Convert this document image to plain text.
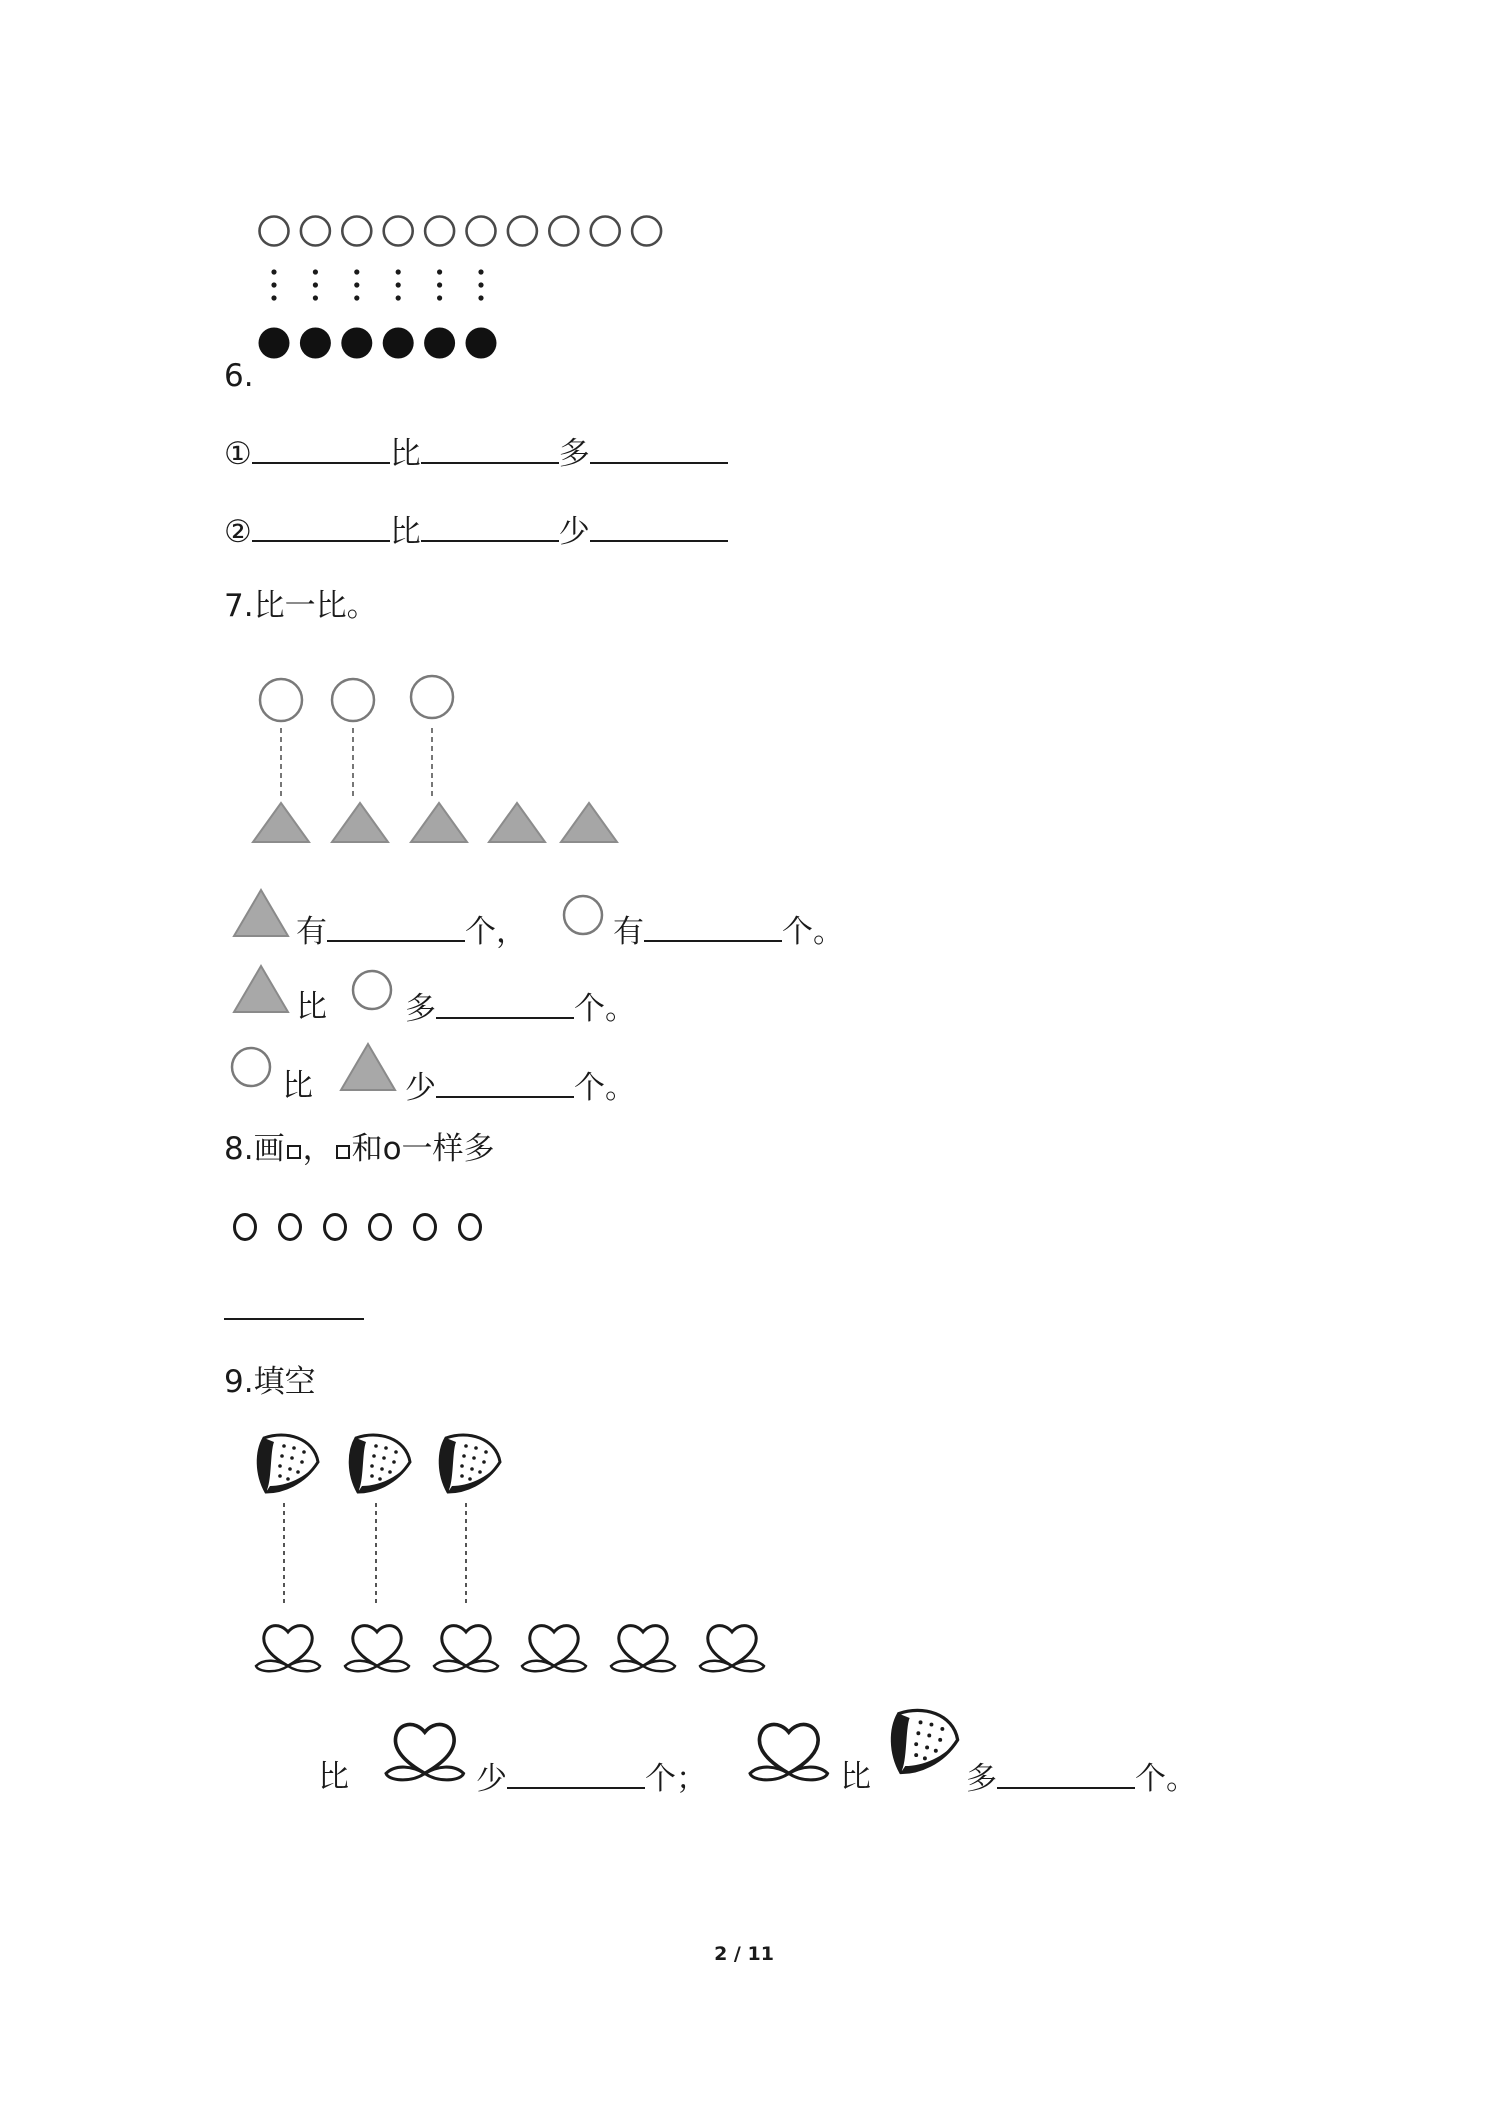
6.
①	比	多
②	比	少
7.比一比。
有	个，	有	个。
比	多	个。
比	少	个。
8.画 ， 和o一样多
9.填空
比	少	个；	比	多	个。
2 / 11
